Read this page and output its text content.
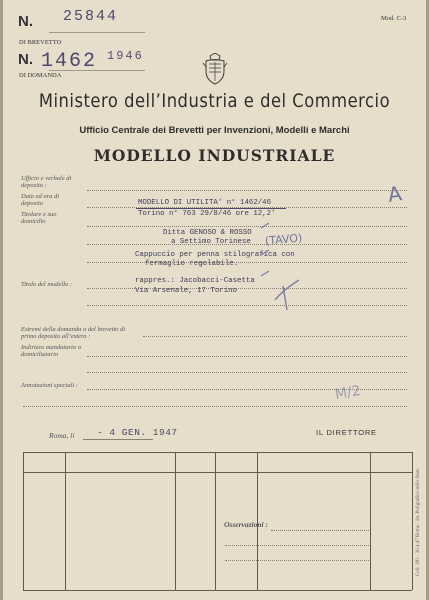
N. 25844
DI BREVETTO
N. 1462 1946
DI DOMANDA
Mod. C-3
Ministero dell’Industria e del Commercio
Ufficio Centrale dei Brevetti per Invenzioni, Modelli e Marchi
MODELLO INDUSTRIALE
Ufficio e verbale di deposito :
Data ed ora di deposito
Titolare e suo domicilio
Titolo del modello :
Estremi della domanda o del brevetto di primo deposito all’estero :
Indirizzo mandatario o domiciliatario
Annotazioni speciali :
MODELLO DI UTILITA' n° 1462/46
Torino n° 763 29/8/46 ore 12,2'
Ditta GENOSO & ROSSO
a Settimo Torinese
Cappuccio per penna stilografica con
fermaglio regolabile.
rappres.: Jacobacci-Casetta
Via Arsenale, 17 Torino
A
(TAVO)
M/2
Roma, li - 4 GEN. 1947	IL DIRETTORE
Osservazioni :	Coll. 381 · 30 4 47 Roma · Ist. Poligrafico dello Stato
